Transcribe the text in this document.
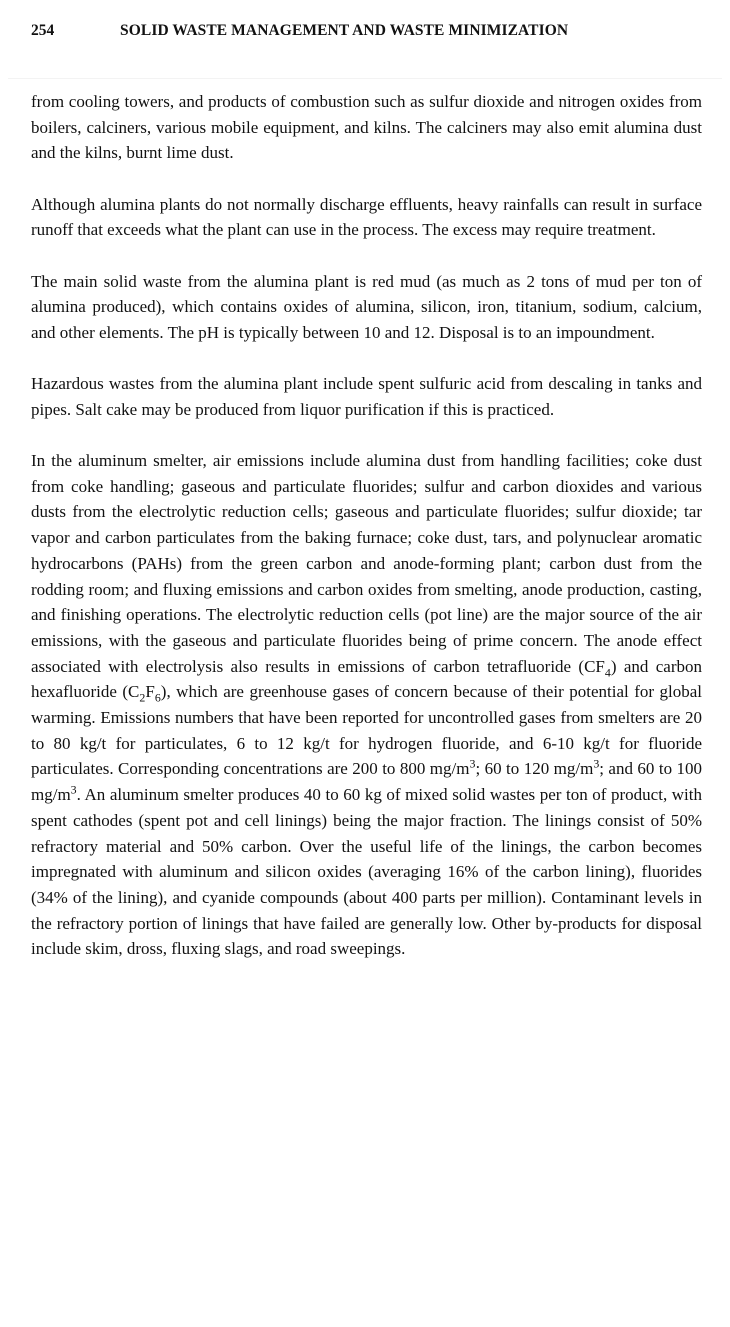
254	SOLID WASTE MANAGEMENT AND WASTE MINIMIZATION

from cooling towers, and products of combustion such as sulfur dioxide and nitrogen oxides from boilers, calciners, various mobile equipment, and kilns. The calciners may also emit alumina dust and the kilns, burnt lime dust.

Although alumina plants do not normally discharge effluents, heavy rainfalls can result in surface runoff that exceeds what the plant can use in the process. The excess may require treatment.

The main solid waste from the alumina plant is red mud (as much as 2 tons of mud per ton of alumina produced), which contains oxides of alumina, silicon, iron, titanium, sodium, calcium, and other elements. The pH is typically between 10 and 12. Disposal is to an impoundment.

Hazardous wastes from the alumina plant include spent sulfuric acid from descaling in tanks and pipes. Salt cake may be produced from liquor purification if this is practiced.

In the aluminum smelter, air emissions include alumina dust from handling facilities; coke dust from coke handling; gaseous and particulate fluorides; sulfur and carbon dioxides and various dusts from the electrolytic reduction cells; gaseous and particulate fluorides; sulfur dioxide; tar vapor and carbon particulates from the baking furnace; coke dust, tars, and polynuclear aromatic hydrocarbons (PAHs) from the green carbon and anode-forming plant; carbon dust from the rodding room; and fluxing emissions and carbon oxides from smelting, anode production, casting, and finishing operations. The electrolytic reduction cells (pot line) are the major source of the air emissions, with the gaseous and particulate fluorides being of prime concern. The anode effect associated with electrolysis also results in emissions of carbon tetrafluoride $(CF_4)$ and carbon hexafluoride $(C_2F_6)$, which are greenhouse gases of concern because of their potential for global warming. Emissions numbers that have been reported for uncontrolled gases from smelters are 20 to 80 kg/t for particulates, 6 to 12 kg/t for hydrogen fluoride, and 6-10 kg/t for fluoride particulates. Corresponding concentrations are 200 to 800 $mg/m^3$; 60 to 120 $mg/m^3$; and 60 to 100 $mg/m^3$. An aluminum smelter produces 40 to 60 kg of mixed solid wastes per ton of product, with spent cathodes (spent pot and cell linings) being the major fraction. The linings consist of 50% refractory material and 50% carbon. Over the useful life of the linings, the carbon becomes impregnated with aluminum and silicon oxides (averaging 16% of the carbon lining), fluorides (34% of the lining), and cyanide compounds (about 400 parts per million). Contaminant levels in the refractory portion of linings that have failed are generally low. Other by-products for disposal include skim, dross, fluxing slags, and road sweepings.
